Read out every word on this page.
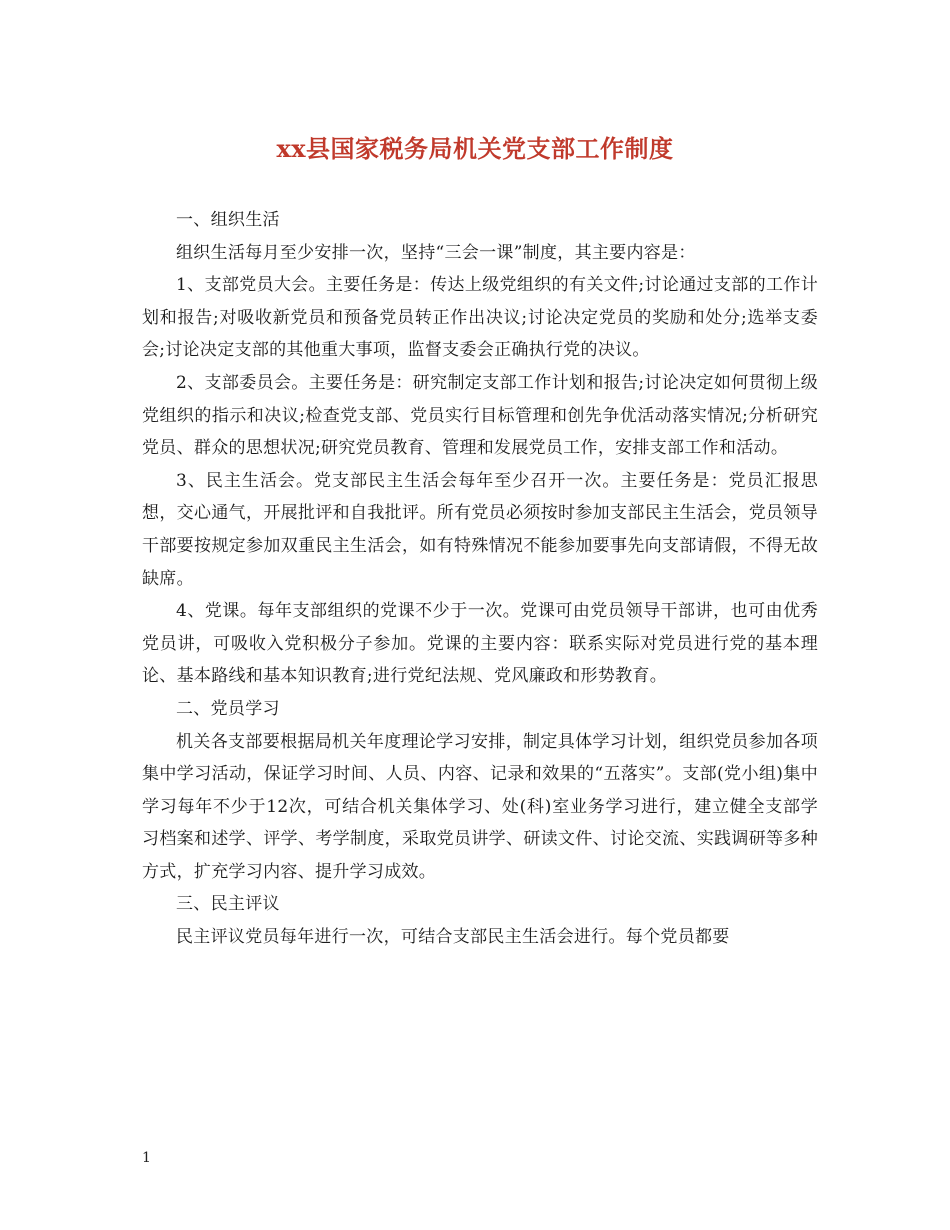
xx县国家税务局机关党支部工作制度

一、组织生活

组织生活每月至少安排一次，坚持“三会一课”制度，其主要内容是：

1、支部党员大会。主要任务是：传达上级党组织的有关文件;讨论通过支部的工作计划和报告;对吸收新党员和预备党员转正作出决议;讨论决定党员的奖励和处分;选举支委会;讨论决定支部的其他重大事项，监督支委会正确执行党的决议。

2、支部委员会。主要任务是：研究制定支部工作计划和报告;讨论决定如何贯彻上级党组织的指示和决议;检查党支部、党员实行目标管理和创先争优活动落实情况;分析研究党员、群众的思想状况;研究党员教育、管理和发展党员工作，安排支部工作和活动。

3、民主生活会。党支部民主生活会每年至少召开一次。主要任务是：党员汇报思想，交心通气，开展批评和自我批评。所有党员必须按时参加支部民主生活会，党员领导干部要按规定参加双重民主生活会，如有特殊情况不能参加要事先向支部请假，不得无故缺席。

4、党课。每年支部组织的党课不少于一次。党课可由党员领导干部讲，也可由优秀党员讲，可吸收入党积极分子参加。党课的主要内容：联系实际对党员进行党的基本理论、基本路线和基本知识教育;进行党纪法规、党风廉政和形势教育。

二、党员学习

机关各支部要根据局机关年度理论学习安排，制定具体学习计划，组织党员参加各项集中学习活动，保证学习时间、人员、内容、记录和效果的“五落实”。支部(党小组)集中学习每年不少于12次，可结合机关集体学习、处(科)室业务学习进行，建立健全支部学习档案和述学、评学、考学制度，采取党员讲学、研读文件、讨论交流、实践调研等多种方式，扩充学习内容、提升学习成效。

三、民主评议

民主评议党员每年进行一次，可结合支部民主生活会进行。每个党员都要

1
